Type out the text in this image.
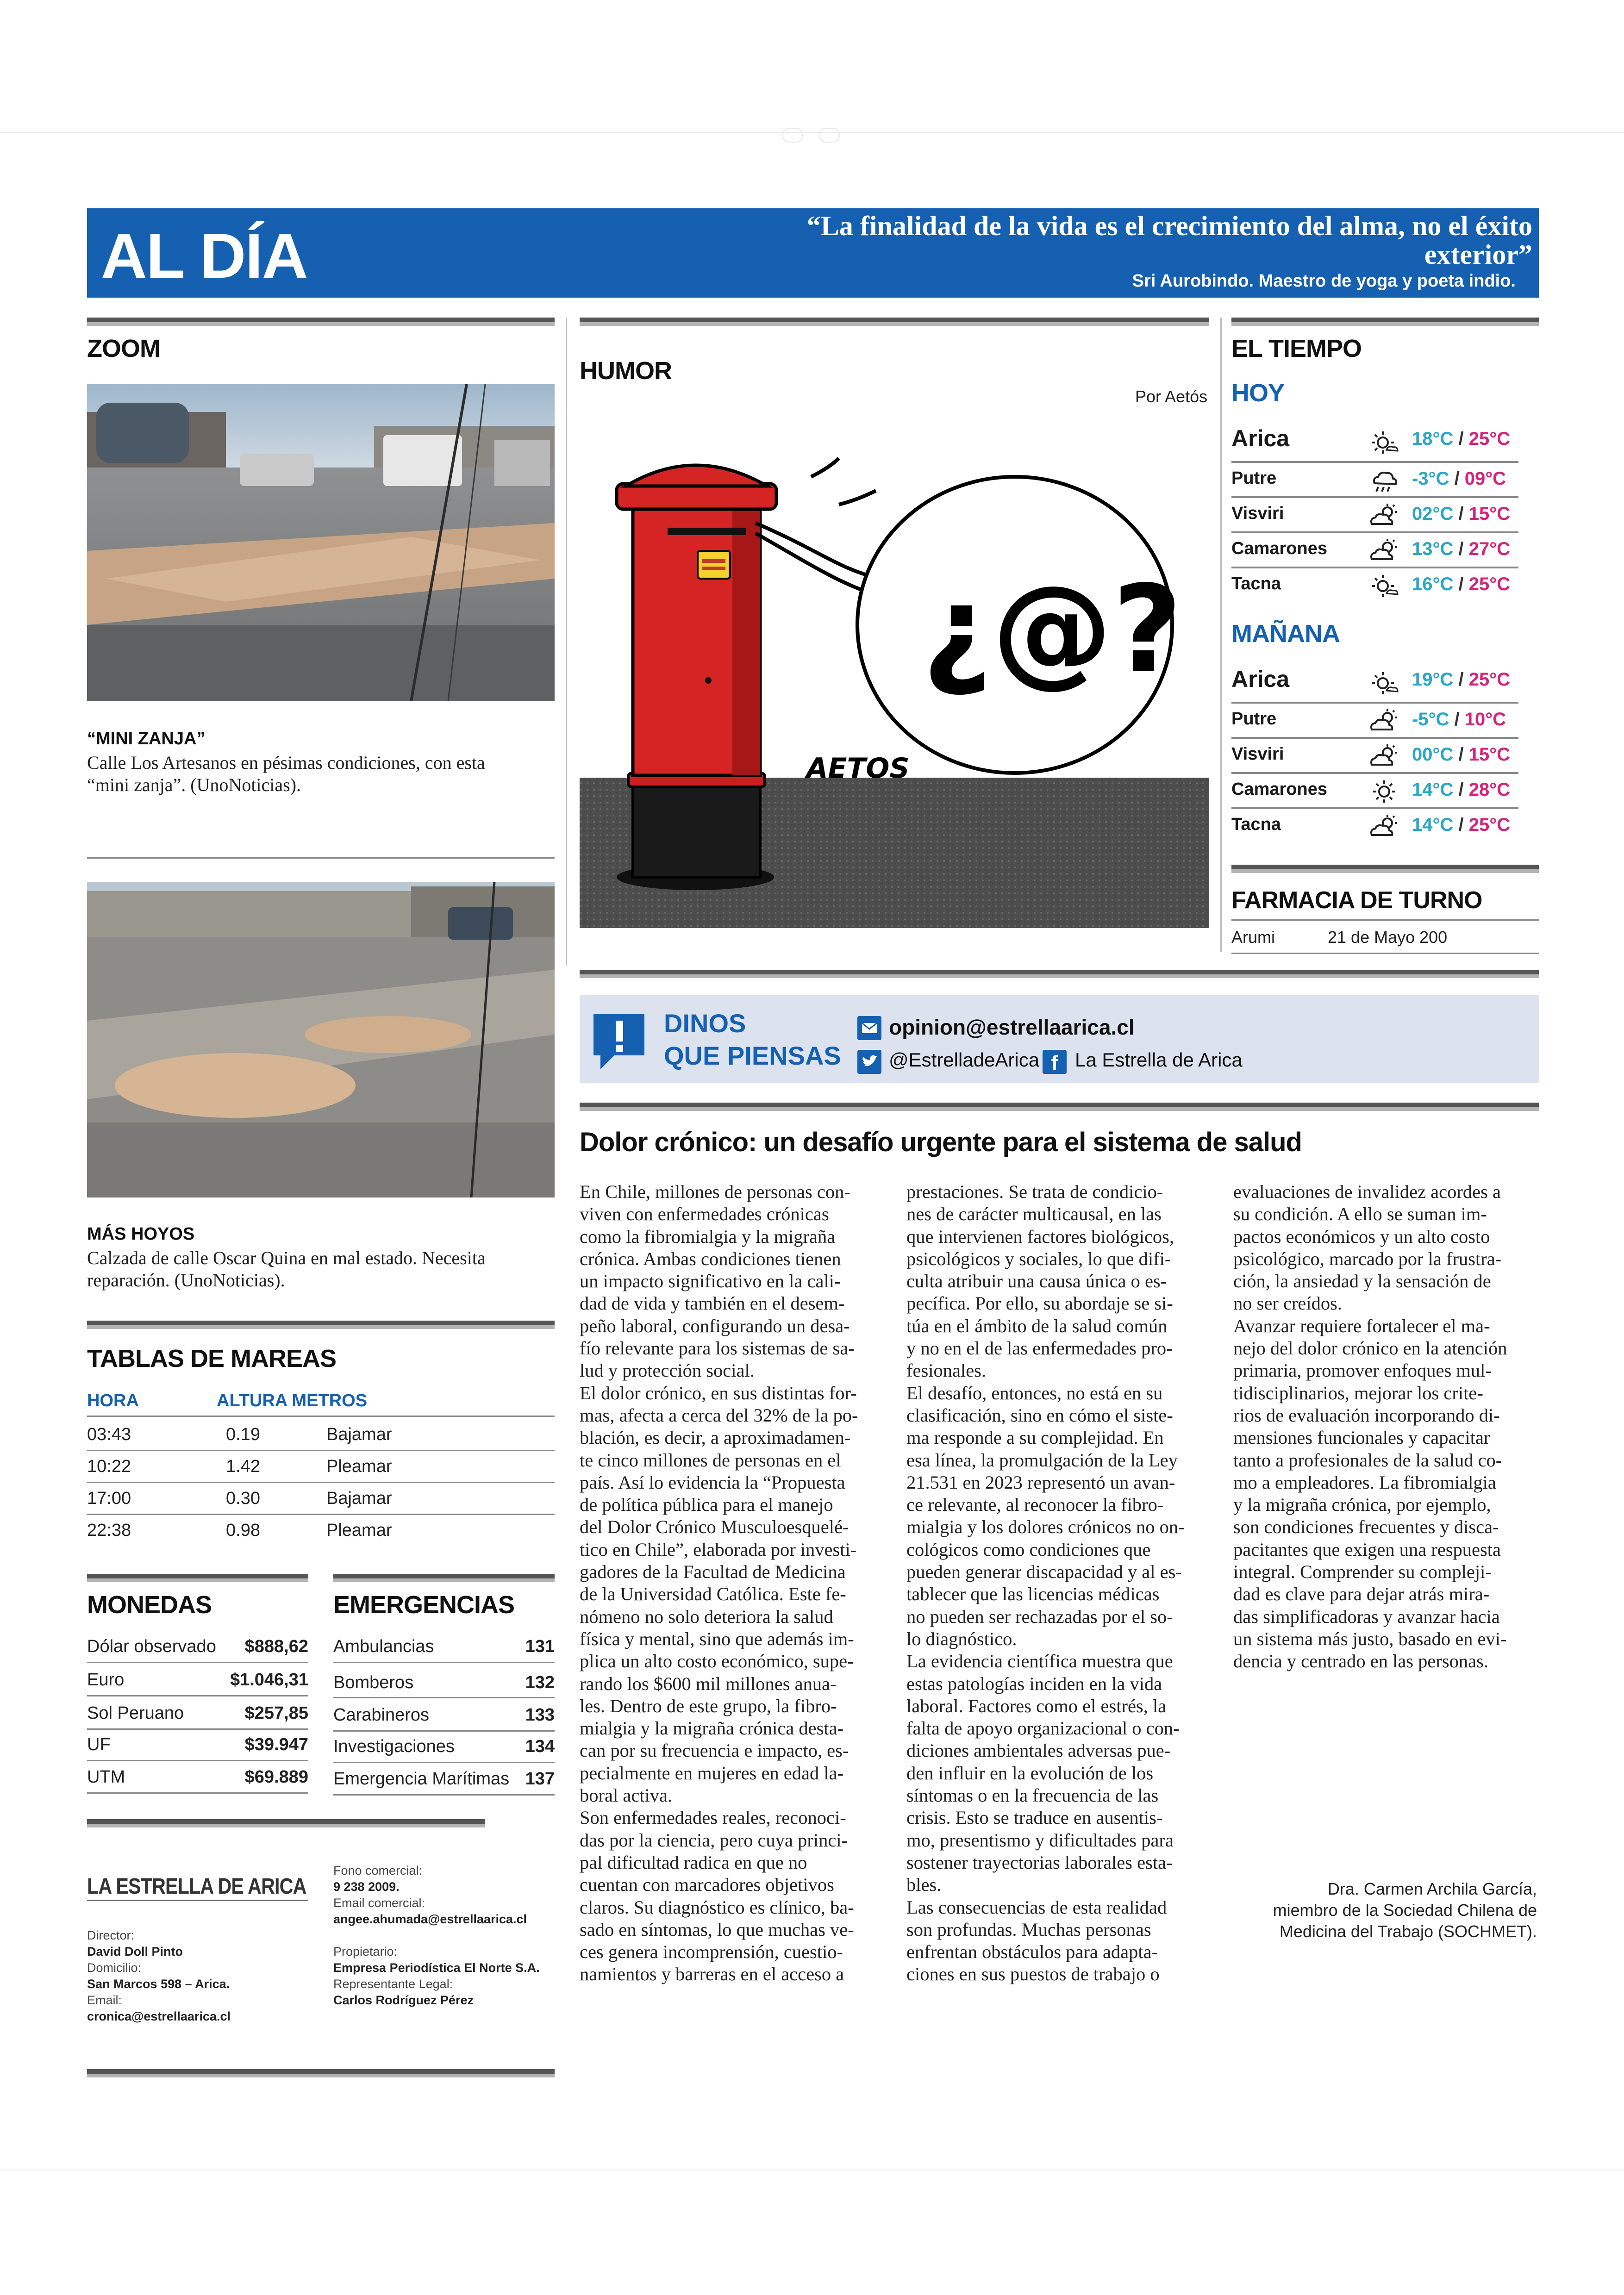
AL DÍA	“La finalidad de la vida es el crecimiento del alma, no el éxito
exterior”
Sri Aurobindo. Maestro de yoga y poeta indio.
ZOOM
“MINI ZANJA”
Calle Los Artesanos en pésimas condiciones, con esta
“mini zanja”. (UnoNoticias).
MÁS HOYOS
Calzada de calle Oscar Quina en mal estado. Necesita
reparación. (UnoNoticias).
TABLAS DE MAREAS
HORA	ALTURA METROS
03:43	0.19	Bajamar
10:22	1.42	Pleamar
17:00	0.30	Bajamar
22:38	0.98	Pleamar
MONEDAS	EMERGENCIAS
Dólar observado $888,62
Euro	$1.046,31
Sol Peruano	$257,85
UF	$39.947
UTM	$69.889
Ambulancias	131
Bomberos	132
Carabineros	133
Investigaciones	134
Emergencia Marítimas 137
LA ESTRELLA DE ARICA
Director:
David Doll Pinto
Domicilio:
San Marcos 598 – Arica.
Email:
cronica@estrellaarica.cl
Fono comercial:
9 238 2009.
Email comercial:
angee.ahumada@estrellaarica.cl
Propietario:
Empresa Periodística El Norte S.A.
Representante Legal:
Carlos Rodríguez Pérez
HUMOR
Por Aetós
¿@?
AETOS
DINOS
QUE PIENSAS
opinion@estrellaarica.cl
@EstrelladeArica f La Estrella de Arica
Dolor crónico: un desafío urgente para el sistema de salud
En Chile, millones de personas con-
viven con enfermedades crónicas
como la fibromialgia y la migraña
crónica. Ambas condiciones tienen
un impacto significativo en la cali-
dad de vida y también en el desem-
peño laboral, configurando un desa-
fío relevante para los sistemas de sa-
lud y protección social.
El dolor crónico, en sus distintas for-
mas, afecta a cerca del 32% de la po-
blación, es decir, a aproximadamen-
te cinco millones de personas en el
país. Así lo evidencia la “Propuesta
de política pública para el manejo
del Dolor Crónico Musculoesquelé-
tico en Chile”, elaborada por investi-
gadores de la Facultad de Medicina
de la Universidad Católica. Este fe-
nómeno no solo deteriora la salud
física y mental, sino que además im-
plica un alto costo económico, supe-
rando los $600 mil millones anua-
les. Dentro de este grupo, la fibro-
mialgia y la migraña crónica desta-
can por su frecuencia e impacto, es-
pecialmente en mujeres en edad la-
boral activa.
Son enfermedades reales, reconoci-
das por la ciencia, pero cuya princi-
pal dificultad radica en que no
cuentan con marcadores objetivos
claros. Su diagnóstico es clínico, ba-
sado en síntomas, lo que muchas ve-
ces genera incomprensión, cuestio-
namientos y barreras en el acceso a
prestaciones. Se trata de condicio-
nes de carácter multicausal, en las
que intervienen factores biológicos,
psicológicos y sociales, lo que difi-
culta atribuir una causa única o es-
pecífica. Por ello, su abordaje se si-
túa en el ámbito de la salud común
y no en el de las enfermedades pro-
fesionales.
El desafío, entonces, no está en su
clasificación, sino en cómo el siste-
ma responde a su complejidad. En
esa línea, la promulgación de la Ley
21.531 en 2023 representó un avan-
ce relevante, al reconocer la fibro-
mialgia y los dolores crónicos no on-
cológicos como condiciones que
pueden generar discapacidad y al es-
tablecer que las licencias médicas
no pueden ser rechazadas por el so-
lo diagnóstico.
La evidencia científica muestra que
estas patologías inciden en la vida
laboral. Factores como el estrés, la
falta de apoyo organizacional o con-
diciones ambientales adversas pue-
den influir en la evolución de los
síntomas o en la frecuencia de las
crisis. Esto se traduce en ausentis-
mo, presentismo y dificultades para
sostener trayectorias laborales esta-
bles.
Las consecuencias de esta realidad
son profundas. Muchas personas
enfrentan obstáculos para adapta-
ciones en sus puestos de trabajo o
evaluaciones de invalidez acordes a
su condición. A ello se suman im-
pactos económicos y un alto costo
psicológico, marcado por la frustra-
ción, la ansiedad y la sensación de
no ser creídos.
Avanzar requiere fortalecer el ma-
nejo del dolor crónico en la atención
primaria, promover enfoques mul-
tidisciplinarios, mejorar los crite-
rios de evaluación incorporando di-
mensiones funcionales y capacitar
tanto a profesionales de la salud co-
mo a empleadores. La fibromialgia
y la migraña crónica, por ejemplo,
son condiciones frecuentes y disca-
pacitantes que exigen una respuesta
integral. Comprender su compleji-
dad es clave para dejar atrás mira-
das simplificadoras y avanzar hacia
un sistema más justo, basado en evi-
dencia y centrado en las personas.
Dra. Carmen Archila García,
miembro de la Sociedad Chilena de
Medicina del Trabajo (SOCHMET).
EL TIEMPO
HOY
Arica	18°C / 25°C
Putre	-3°C / 09°C
Visviri	02°C / 15°C
Camarones	13°C / 27°C
Tacna	16°C / 25°C
MAÑANA
Arica	19°C / 25°C
Putre	-5°C / 10°C
Visviri	00°C / 15°C
Camarones	14°C / 28°C
Tacna	14°C / 25°C
FARMACIA DE TURNO
Arumi	21 de Mayo 200
